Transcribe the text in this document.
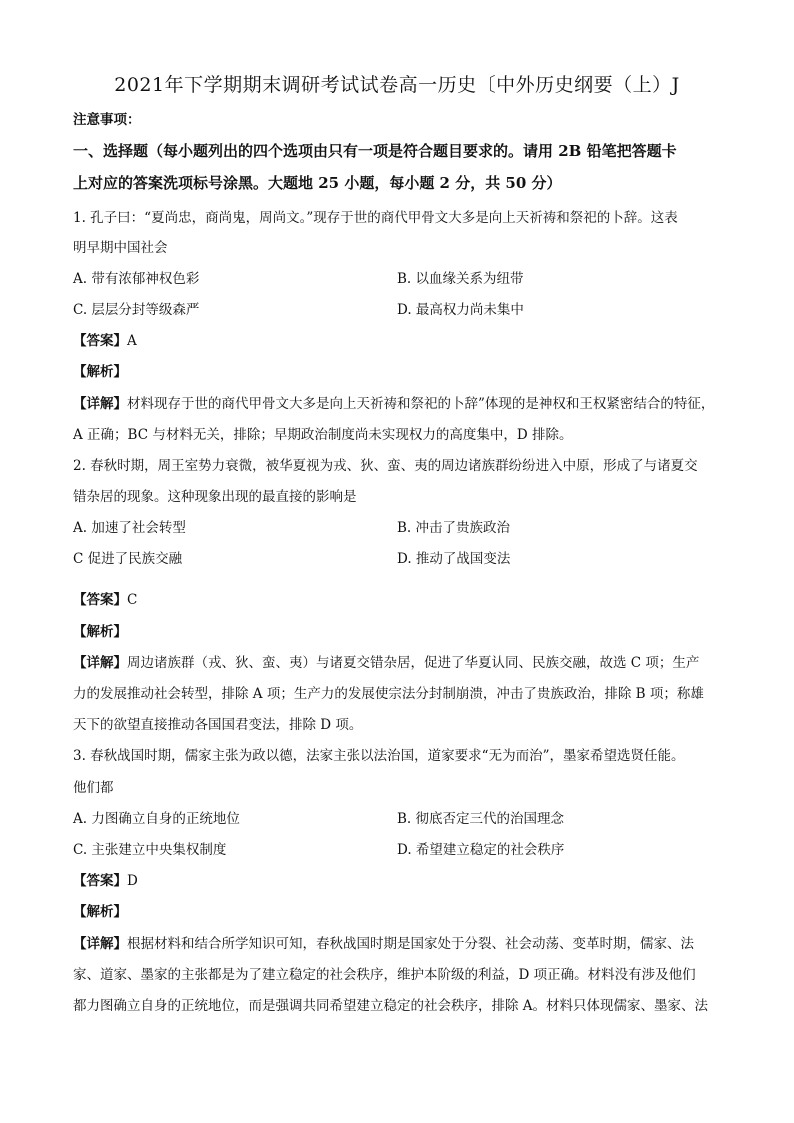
2021年下学期期末调研考试试卷高一历史〔中外历史纲要（上）J
注意事项：
一、选择题（每小题列出的四个选项由只有一项是符合题目要求的。请用 2B 铅笔把答题卡
上对应的答案洗项标号涂黑。大题地 25 小题，每小题 2 分，共 50 分）
1. 孔子曰：“夏尚忠，商尚鬼，周尚文。”现存于世的商代甲骨文大多是向上天祈祷和祭祀的卜辞。这表
明早期中国社会
A. 带有浓郁神权色彩	B. 以血缘关系为纽带
C. 层层分封等级森严	D. 最高权力尚未集中
【答案】A
【解析】
【详解】材料现存于世的商代甲骨文大多是向上天祈祷和祭祀的卜辞”体现的是神权和王权紧密结合的特征，
A 正确；BC 与材料无关，排除；早期政治制度尚未实现权力的高度集中，D 排除。
2. 春秋时期，周王室势力衰微，被华夏视为戎、狄、蛮、夷的周边诸族群纷纷进入中原，形成了与诸夏交
错杂居的现象。这种现象出现的最直接的影响是
A. 加速了社会转型	B. 冲击了贵族政治
C 促进了民族交融	D. 推动了战国变法
【答案】C
【解析】
【详解】周边诸族群（戎、狄、蛮、夷）与诸夏交错杂居，促进了华夏认同、民族交融，故选 C 项；生产
力的发展推动社会转型，排除 A 项；生产力的发展使宗法分封制崩溃，冲击了贵族政治，排除 B 项；称雄
天下的欲望直接推动各国国君变法，排除 D 项。
3. 春秋战国时期，儒家主张为政以德，法家主张以法治国，道家要求“无为而治”，墨家希望选贤任能。
他们都
A. 力图确立自身的正统地位	B. 彻底否定三代的治国理念
C. 主张建立中央集权制度	D. 希望建立稳定的社会秩序
【答案】D
【解析】
【详解】根据材料和结合所学知识可知，春秋战国时期是国家处于分裂、社会动荡、变革时期，儒家、法
家、道家、墨家的主张都是为了建立稳定的社会秩序，维护本阶级的利益，D 项正确。材料没有涉及他们
都力图确立自身的正统地位，而是强调共同希望建立稳定的社会秩序，排除 A。材料只体现儒家、墨家、法
